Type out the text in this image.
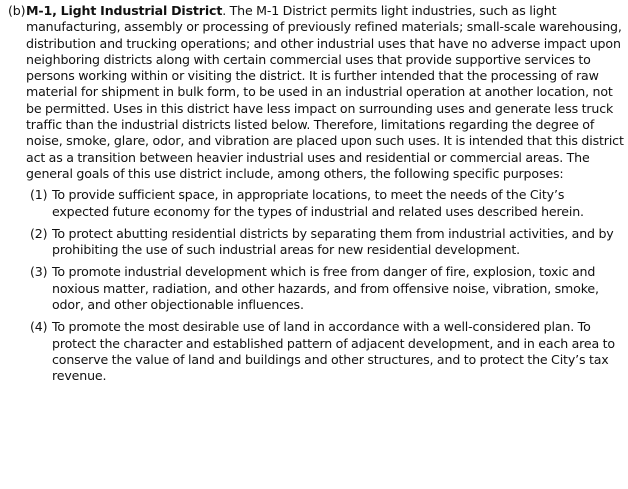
(b) M-1, Light Industrial District. The M-1 District permits light industries, such as light manufacturing, assembly or processing of previously refined materials; small-scale warehousing, distribution and trucking operations; and other industrial uses that have no adverse impact upon neighboring districts along with certain commercial uses that provide supportive services to persons working within or visiting the district. It is further intended that the processing of raw material for shipment in bulk form, to be used in an industrial operation at another location, not be permitted. Uses in this district have less impact on surrounding uses and generate less truck traffic than the industrial districts listed below. Therefore, limitations regarding the degree of noise, smoke, glare, odor, and vibration are placed upon such uses. It is intended that this district act as a transition between heavier industrial uses and residential or commercial areas. The general goals of this use district include, among others, the following specific purposes:
(1) To provide sufficient space, in appropriate locations, to meet the needs of the City’s expected future economy for the types of industrial and related uses described herein.
(2) To protect abutting residential districts by separating them from industrial activities, and by prohibiting the use of such industrial areas for new residential development.
(3) To promote industrial development which is free from danger of fire, explosion, toxic and noxious matter, radiation, and other hazards, and from offensive noise, vibration, smoke, odor, and other objectionable influences.
(4) To promote the most desirable use of land in accordance with a well-considered plan. To protect the character and established pattern of adjacent development, and in each area to conserve the value of land and buildings and other structures, and to protect the City’s tax revenue.
